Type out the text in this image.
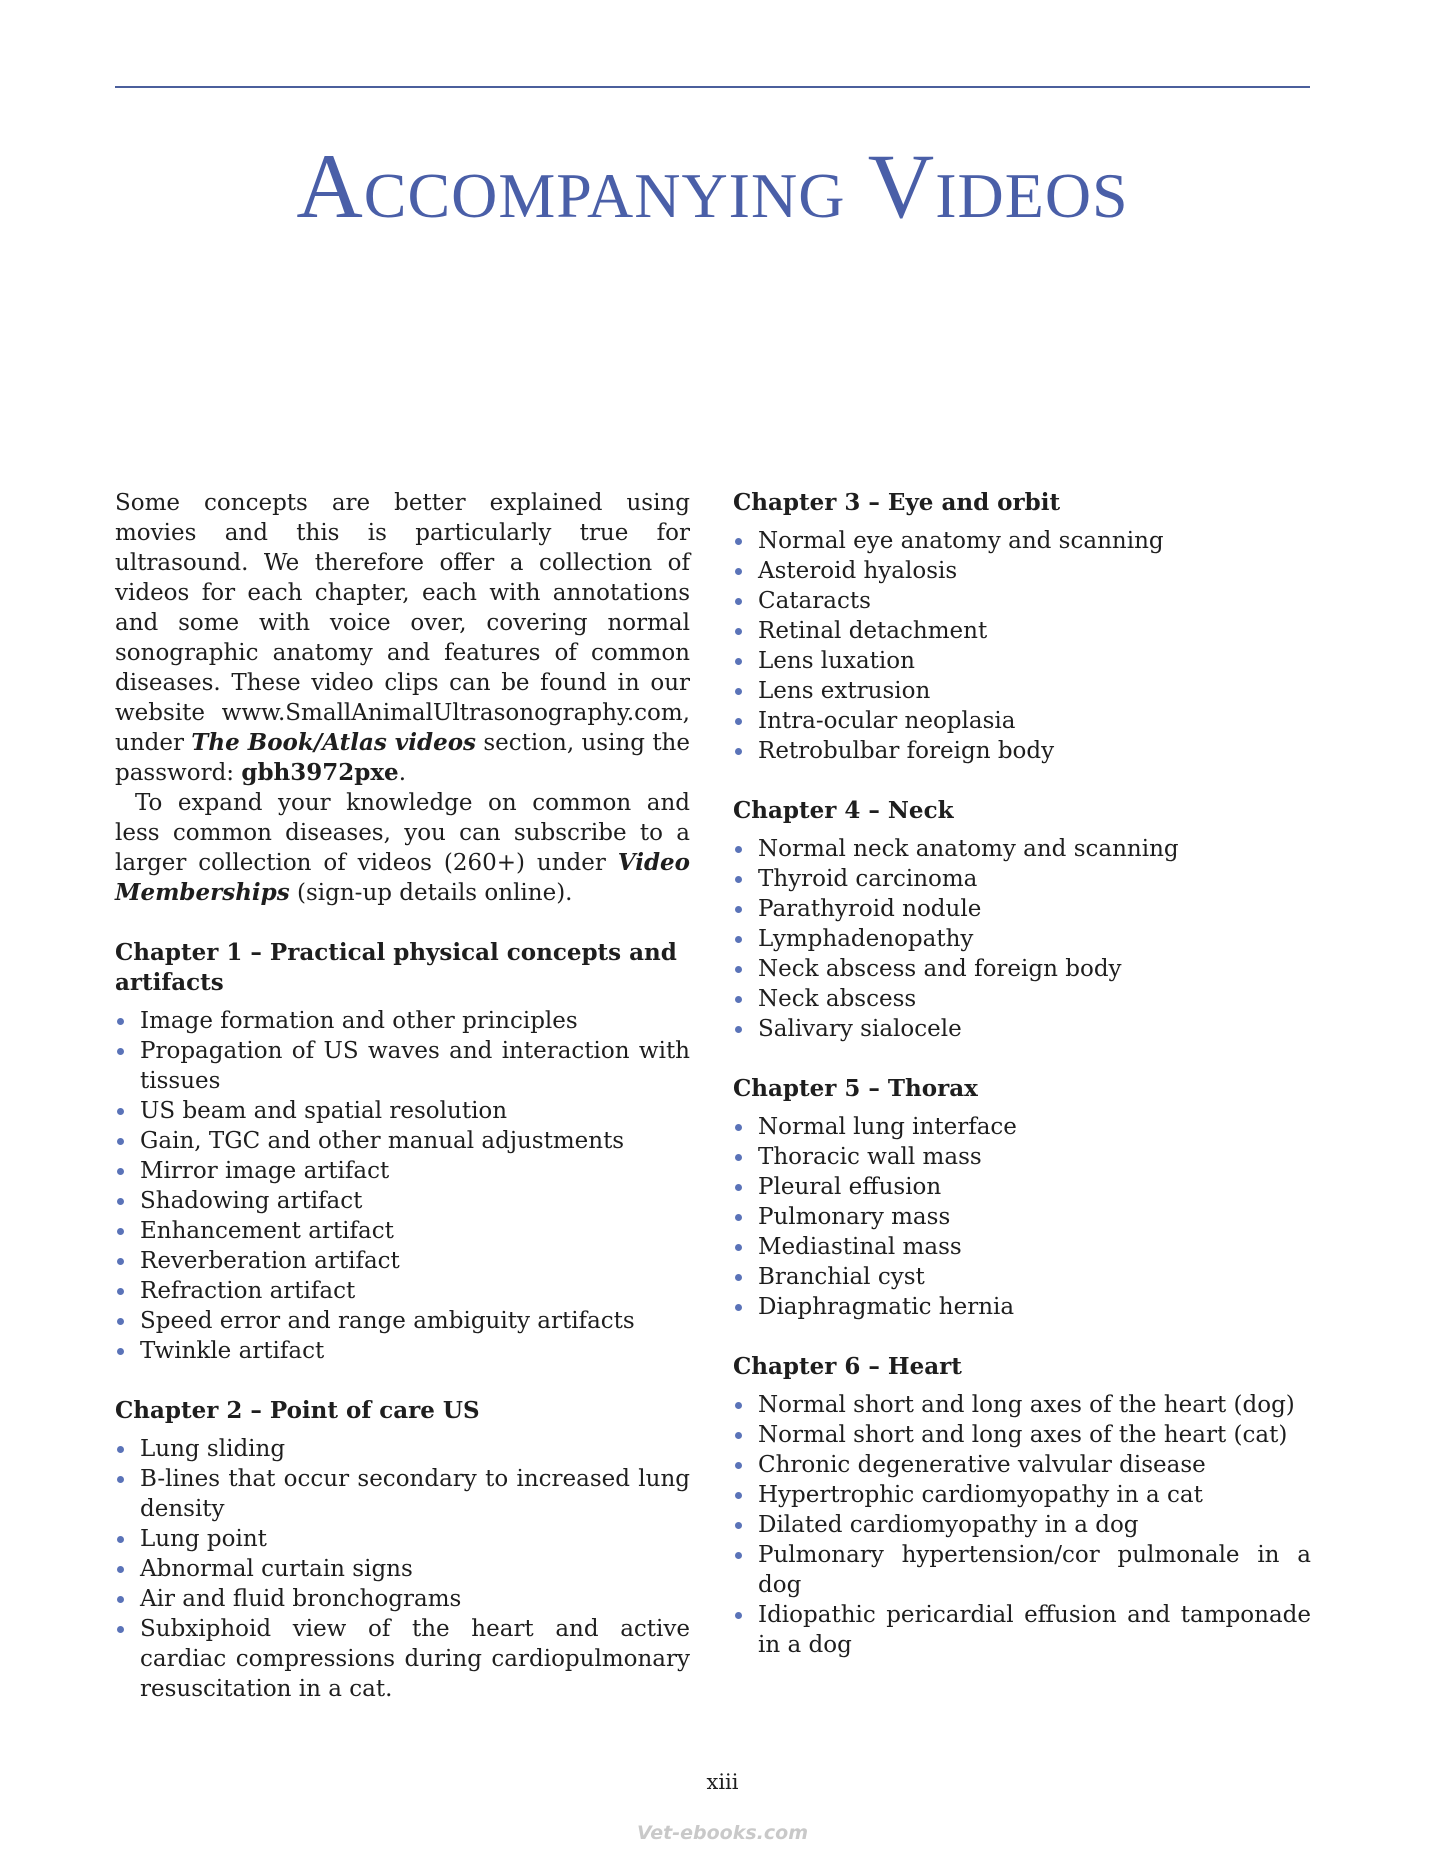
Accompanying Videos

Some concepts are better explained using movies and this is particularly true for ultrasound. We therefore offer a collection of videos for each chapter, each with annotations and some with voice over, covering normal sonographic anatomy and features of common diseases. These video clips can be found in our website www.SmallAnimalUltrasonography.com, under The Book/Atlas videos section, using the password: gbh3972pxe.

To expand your knowledge on common and less common diseases, you can subscribe to a larger collection of videos (260+) under Video Memberships (sign-up details online).

Chapter 1 – Practical physical concepts and artifacts
Image formation and other principles
Propagation of US waves and interaction with tissues
US beam and spatial resolution
Gain, TGC and other manual adjustments
Mirror image artifact
Shadowing artifact
Enhancement artifact
Reverberation artifact
Refraction artifact
Speed error and range ambiguity artifacts
Twinkle artifact
Chapter 2 – Point of care US
Lung sliding
B-lines that occur secondary to increased lung density
Lung point
Abnormal curtain signs
Air and fluid bronchograms
Subxiphoid view of the heart and active cardiac compressions during cardiopulmonary resuscitation in a cat.
Chapter 3 – Eye and orbit
Normal eye anatomy and scanning
Asteroid hyalosis
Cataracts
Retinal detachment
Lens luxation
Lens extrusion
Intra-ocular neoplasia
Retrobulbar foreign body
Chapter 4 – Neck
Normal neck anatomy and scanning
Thyroid carcinoma
Parathyroid nodule
Lymphadenopathy
Neck abscess and foreign body
Neck abscess
Salivary sialocele
Chapter 5 – Thorax
Normal lung interface
Thoracic wall mass
Pleural effusion
Pulmonary mass
Mediastinal mass
Branchial cyst
Diaphragmatic hernia
Chapter 6 – Heart
Normal short and long axes of the heart (dog)
Normal short and long axes of the heart (cat)
Chronic degenerative valvular disease
Hypertrophic cardiomyopathy in a cat
Dilated cardiomyopathy in a dog
Pulmonary hypertension/cor pulmonale in a dog
Idiopathic pericardial effusion and tamponade in a dog

xiii

Vet-ebooks.com
